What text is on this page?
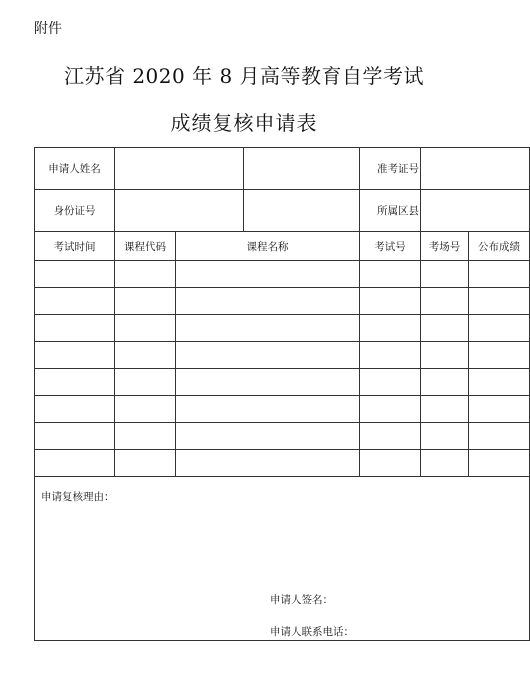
附件
江苏省 2020 年 8 月高等教育自学考试
成绩复核申请表
申请人姓名			准考证号			
身份证号			所属区县			
考试时间	课程代码	课程名称		考试号	考场号	公布成绩

申请复核理由：
申请人签名：
申请人联系电话：						
